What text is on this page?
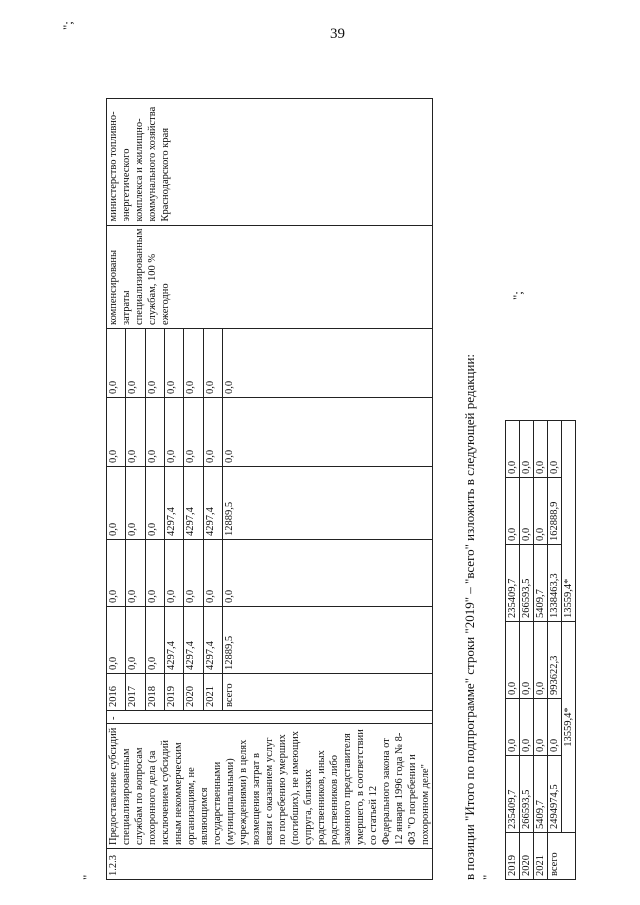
39
"
";
1.2.3	Предоставление субсидий специализированным службам по вопросам похоронного дела (за исключением субсидий иным некоммерческим организациям, не являющимся государственными (муниципальными) учреждениями) в целях возмещения затрат в связи с оказанием услуг по погребению умерших (погибших), не имеющих супруга, близких родственников, иных родственников либо законного представителя умершего, в соответствии со статьей 12 Федерального закона от 12 января 1996 года № 8-ФЗ "О погребении и похоронном деле"	-	2016	0,0	0,0	0,0	0,0	0,0	компенсированы затраты специализированным службам, 100 % ежегодно	министерство топливно-энергетического комплекса и жилищно-коммунального хозяйства Краснодарского края
			2017	0,0	0,0	0,0	0,0	0,0		
			2018	0,0	0,0	0,0	0,0	0,0		
			2019	4297,4	0,0	4297,4	0,0	0,0		
			2020	4297,4	0,0	4297,4	0,0	0,0		
			2021	4297,4	0,0	4297,4	0,0	0,0		
			всего	12889,5	0,0	12889,5	0,0	0,0			в позиции "Итого по подпрограмме" строки "2019" – "всего" изложить в следующей редакции: "
2019	235409,7	0,0	0,0	235409,7	0,0	0,0
2020	266593,5	0,0	0,0	266593,5	0,0	0,0
2021	5409,7	0,0	0,0	5409,7	0,0	0,0
всего	2494974,5	0,0	993622,3	1338463,3	162888,9	0,0
	13559,4*			13559,4*		
";
